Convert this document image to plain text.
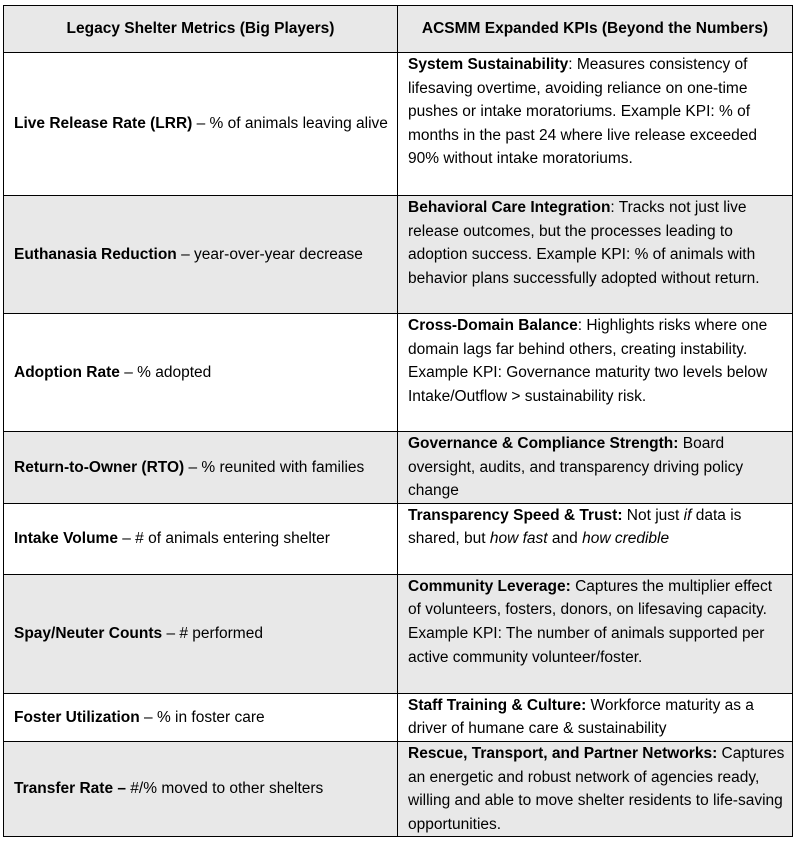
Legacy Shelter Metrics (Big Players)	ACSMM Expanded KPIs (Beyond the Numbers)
Live Release Rate (LRR) – % of animals leaving alive	System Sustainability: Measures consistency of lifesaving overtime, avoiding reliance on one-time pushes or intake moratoriums. Example KPI: % of months in the past 24 where live release exceeded 90% without intake moratoriums.
Euthanasia Reduction – year-over-year decrease	Behavioral Care Integration: Tracks not just live release outcomes, but the processes leading to adoption success. Example KPI: % of animals with behavior plans successfully adopted without return.
Adoption Rate – % adopted	Cross-Domain Balance: Highlights risks where one domain lags far behind others, creating instability. Example KPI: Governance maturity two levels below Intake/Outflow > sustainability risk.
Return-to-Owner (RTO) – % reunited with families	Governance & Compliance Strength: Board oversight, audits, and transparency driving policy change
Intake Volume – # of animals entering shelter	Transparency Speed & Trust: Not just if data is shared, but how fast and how credible
Spay/Neuter Counts – # performed	Community Leverage: Captures the multiplier effect of volunteers, fosters, donors, on lifesaving capacity. Example KPI: The number of animals supported per active community volunteer/foster.
Foster Utilization – % in foster care	Staff Training & Culture: Workforce maturity as a driver of humane care & sustainability
Transfer Rate – #/% moved to other shelters	Rescue, Transport, and Partner Networks: Captures an energetic and robust network of agencies ready, willing and able to move shelter residents to life-saving opportunities.
